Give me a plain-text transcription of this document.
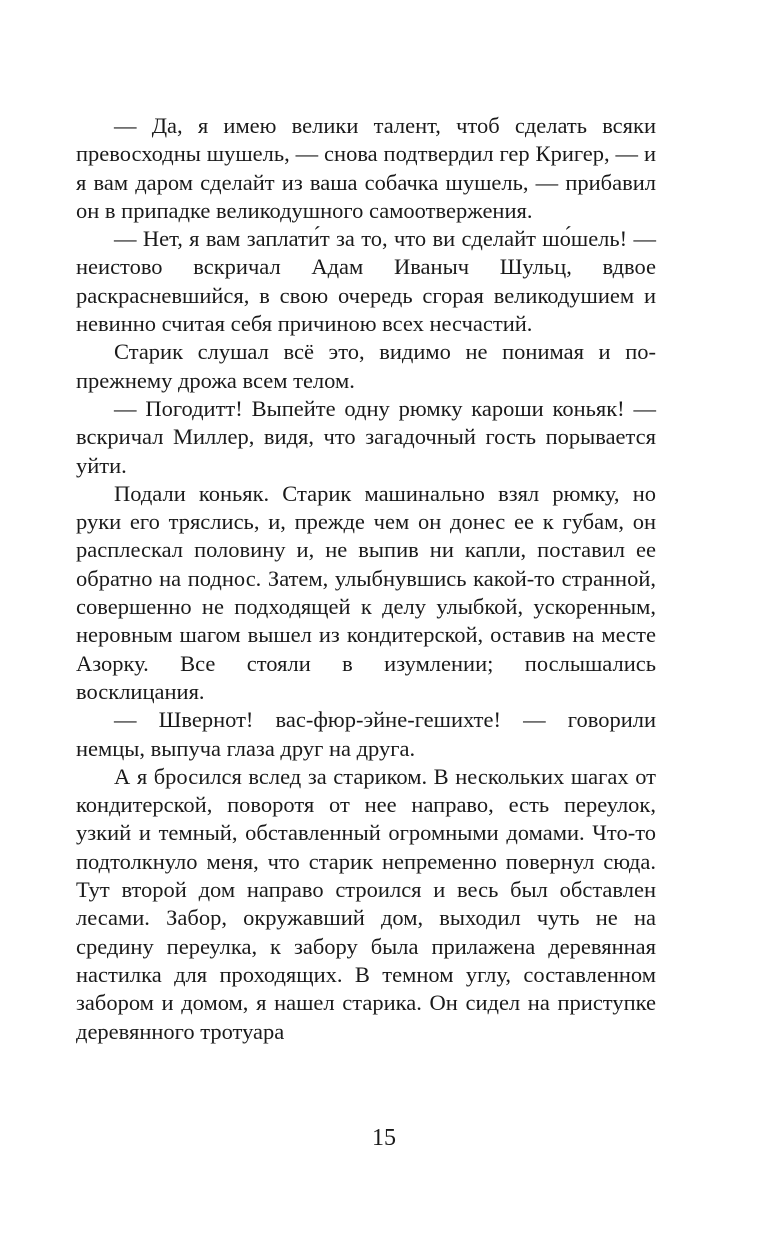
— Да, я имею велики талент, чтоб сделать всяки превосходны шушель, — снова подтвердил гер Кригер, — и я вам даром сделайт из ваша собачка шушель, — прибавил он в припадке великодушного самоотвержения.

— Нет, я вам заплати́т за то, что ви сделайт шо́шель! — неистово вскричал Адам Иваныч Шульц, вдвое раскрасневшийся, в свою очередь сгорая великодушием и невинно считая себя причиною всех несчастий.

Старик слушал всё это, видимо не понимая и по-прежнему дрожа всем телом.

— Погодитт! Выпейте одну рюмку кароши коньяк! — вскричал Миллер, видя, что загадочный гость порывается уйти.

Подали коньяк. Старик машинально взял рюмку, но руки его тряслись, и, прежде чем он донес ее к губам, он расплескал половину и, не выпив ни капли, поставил ее обратно на поднос. Затем, улыбнувшись какой-то странной, совершенно не подходящей к делу улыбкой, ускоренным, неровным шагом вышел из кондитерской, оставив на месте Азорку. Все стояли в изумлении; послышались восклицания.

— Швернот! вас-фюр-эйне-гешихте! — говорили немцы, выпуча глаза друг на друга.

А я бросился вслед за стариком. В нескольких шагах от кондитерской, поворотя от нее направо, есть переулок, узкий и темный, обставленный огромными домами. Что-то подтолкнуло меня, что старик непременно повернул сюда. Тут второй дом направо строился и весь был обставлен лесами. Забор, окружавший дом, выходил чуть не на средину переулка, к забору была прилажена деревянная настилка для проходящих. В темном углу, составленном забором и домом, я нашел старика. Он сидел на приступке деревянного тротуара

15
